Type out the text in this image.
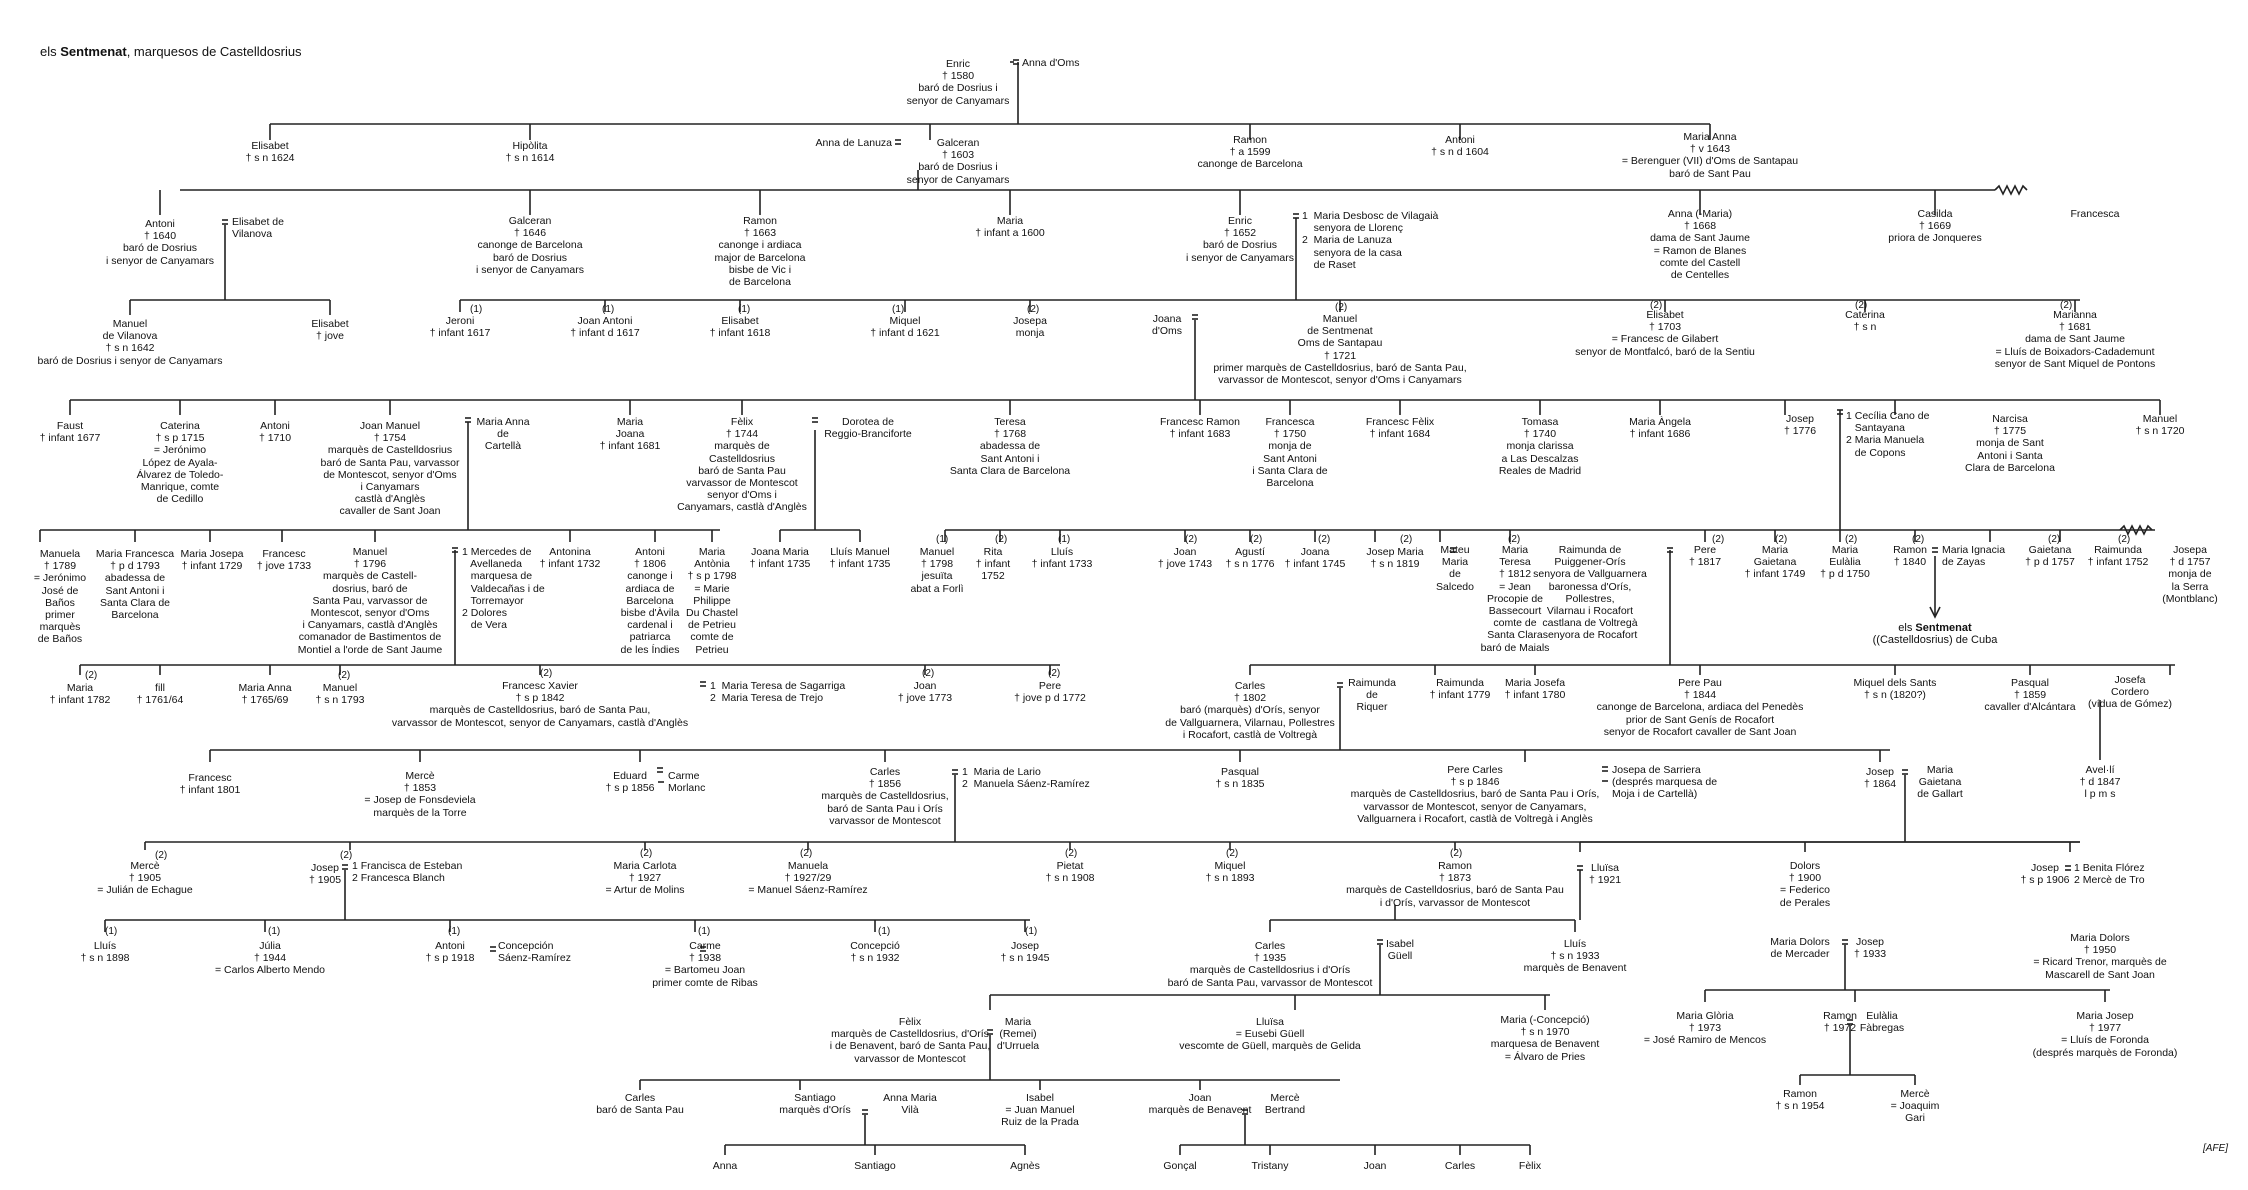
els Sentmenat, marquesos de Castelldosrius
Enric
† 1580
baró de Dosrius i
senyor de Canyamars
Anna d'Oms
Elisabet
† s n 1624
Hipòlita
† s n 1614
Anna de Lanuza	Galceran
† 1603
baró de Dosrius i
senyor de Canyamars
Ramon
† a 1599
canonge de Barcelona
Antoni
† s n d 1604
Maria Anna
† v 1643
= Berenguer (VII) d'Oms de Santapau
baró de Sant Pau
Antoni
† 1640
baró de Dosrius
i senyor de Canyamars
Elisabet de
Vilanova
Galceran
† 1646
canonge de Barcelona
baró de Dosrius
i senyor de Canyamars
Ramon
† 1663
canonge i ardiaca
major de Barcelona
bisbe de Vic i
de Barcelona
Maria
† infant a 1600
Enric
† 1652
baró de Dosrius
i senyor de Canyamars
1  Maria Desbosc de Vilagaià
senyora de Llorenç
2  Maria de Lanuza
senyora de la casa
de Raset
Anna (-Maria)
† 1668
dama de Sant Jaume
= Ramon de Blanes
comte del Castell
de Centelles
Casilda
† 1669
priora de Jonqueres
Francesca
Manuel
de Vilanova
† s n 1642
baró de Dosrius i senyor de Canyamars
Elisabet
† jove
Jeroni
† infant 1617
Joan Antoni
† infant d 1617
Elisabet
† infant 1618
Miquel
† infant d 1621
Josepa
monja
Joana
d'Oms
Manuel
de Sentmenat
Oms de Santapau
† 1721
primer marquès de Castelldosrius, baró de Santa Pau,
varvassor de Montescot, senyor d'Oms i Canyamars
Elisabet
† 1703
= Francesc de Gilabert
senyor de Montfalcó, baró de la Sentiu
Caterina
† s n
Marianna
† 1681
dama de Sant Jaume
= Lluís de Boixadors-Cadademunt
senyor de Sant Miquel de Pontons
Faust
† infant 1677
Caterina
† s p 1715
= Jerónimo
López de Ayala-
Álvarez de Toledo-
Manrique, comte
de Cedillo
Antoni
† 1710
Joan Manuel
† 1754
marquès de Castelldosrius
baró de Santa Pau, varvassor
de Montescot, senyor d'Oms
i Canyamars
castlà d'Anglès
cavaller de Sant Joan
Maria Anna
de
Cartellà
Maria
Joana
† infant 1681
Fèlix
† 1744
marquès de
Castelldosrius
baró de Santa Pau
varvassor de Montescot
senyor d'Oms i
Canyamars, castlà d'Anglès
Dorotea de
Reggio-Branciforte
Teresa
† 1768
abadessa de
Sant Antoni i
Santa Clara de Barcelona
Francesc Ramon
† infant 1683
Francesca
† 1750
monja de
Sant Antoni
i Santa Clara de
Barcelona
Francesc Fèlix
† infant 1684
Tomasa
† 1740
monja clarissa
a Las Descalzas
Reales de Madrid
Maria Àngela
† infant 1686
Josep
† 1776
1 Cecília Cano de
Santayana
2 Maria Manuela
de Copons
Narcisa
† 1775
monja de Sant
Antoni i Santa
Clara de Barcelona
Manuel
† s n 1720
Manuela
† 1789
= Jerónimo
José de
Baños
primer
marquès
de Baños
Maria Francesca
† p d 1793
abadessa de
Sant Antoni i
Santa Clara de
Barcelona
Maria Josepa
† infant 1729
Francesc
† jove 1733
Manuel
† 1796
marquès de Castell-
dosrius, baró de
Santa Pau, varvassor de
Montescot, senyor d'Oms
i Canyamars, castlà d'Anglès
comanador de Bastimentos de
Montiel a l'orde de Sant Jaume
1 Mercedes de
Avellaneda
marquesa de
Valdecañas i de
Torremayor
2 Dolores
de Vera
Antonina
† infant 1732
Antoni
† 1806
canonge i
ardiaca de
Barcelona
bisbe d'Àvila
cardenal i
patriarca
de les Índies
Maria
Antònia
† s p 1798
= Marie
Philippe
Du Chastel
de Petrieu
comte de
Petrieu
Joana Maria
† infant 1735
Lluís Manuel
† infant 1735
Manuel
† 1798
jesuïta
abat a Forlì
Rita
† infant
1752
Lluís
† infant 1733
Joan
† jove 1743
Agustí
† s n 1776
Joana
† infant 1745
Josep Maria
† s n 1819
Mateu
Maria
de
Salcedo
Maria
Teresa
† 1812
= Jean
Procopie de
Bassecourt
comte de
Santa Clara
baró de Maials
Raimunda de
Puiggener-Orís
senyora de Vallguarnera
baronessa d'Orís,
Pollestres,
Vilarnau i Rocafort
castlana de Voltregà
senyora de Rocafort
Pere
† 1817
Maria
Gaietana
† infant 1749
Maria
Eulàlia
† p d 1750
Ramon
† 1840
Maria Ignacia
de Zayas
Gaietana
† p d 1757
Raimunda
† infant 1752
Josepa
† d 1757
monja de
la Serra
(Montblanc)
els Sentmenat
((Castelldosrius) de Cuba
Maria
† infant 1782
fill
† 1761/64
Maria Anna
† 1765/69
Manuel
† s n 1793
Francesc Xavier
† s p 1842
marquès de Castelldosrius, baró de Santa Pau,
varvassor de Montescot, senyor de Canyamars, castlà d'Anglès
1  Maria Teresa de Sagarriga
2  Maria Teresa de Trejo
Joan
† jove 1773
Pere
† jove p d 1772
Carles
† 1802
baró (marquès) d'Orís, senyor
de Vallguarnera, Vilarnau, Pollestres
i Rocafort, castlà de Voltregà
Raimunda
de
Riquer
Raimunda
† infant 1779
Maria Josefa
† infant 1780
Pere Pau
† 1844
canonge de Barcelona, ardiaca del Penedès
prior de Sant Genís de Rocafort
senyor de Rocafort cavaller de Sant Joan
Miquel dels Sants
† s n (1820?)
Pasqual
† 1859
cavaller d'Alcántara
Josefa
Cordero
(vídua de Gómez)
Francesc
† infant 1801
Mercè
† 1853
= Josep de Fonsdeviela
marquès de la Torre
Eduard
† s p 1856
Carme
Morlanc
Carles
† 1856
marquès de Castelldosrius,
baró de Santa Pau i Orís
varvassor de Montescot
1  Maria de Lario
2  Manuela Sáenz-Ramírez
Pasqual
† s n 1835
Pere Carles
† s p 1846
marquès de Castelldosrius, baró de Santa Pau i Orís,
varvassor de Montescot, senyor de Canyamars,
Vallguarnera i Rocafort, castlà de Voltregà i Anglès
Josepa de Sarriera
(després marquesa de
Moja i de Cartellà)
Josep
† 1864
Maria
Gaietana
de Gallart
Avel·lí
† d 1847
l p m s
Mercè
† 1905
= Julián de Echague
Josep
† 1905
1 Francisca de Esteban
2 Francesca Blanch
Maria Carlota
† 1927
= Artur de Molins
Manuela
† 1927/29
= Manuel Sáenz-Ramírez
Pietat
† s n 1908
Miquel
† s n 1893
Ramon
† 1873
marquès de Castelldosrius, baró de Santa Pau
i d'Orís, varvassor de Montescot
Lluïsa
† 1921
Dolors
† 1900
= Federico
de Perales
Josep
† s p 1906
1 Benita Flórez
2 Mercè de Tro
Lluís
† s n 1898
Júlia
† 1944
= Carlos Alberto Mendo
Antoni
† s p 1918
Concepción
Sáenz-Ramírez
Carme
† 1938
= Bartomeu Joan
primer comte de Ribas
Concepció
† s n 1932
Josep
† s n 1945
Carles
† 1935
marquès de Castelldosrius i d'Orís
baró de Santa Pau, varvassor de Montescot
Isabel
Güell
Lluís
† s n 1933
marquès de Benavent
Maria Dolors
de Mercader
Josep
† 1933
Maria Dolors
† 1950
= Ricard Trenor, marquès de
Mascarell de Sant Joan
Fèlix
marquès de Castelldosrius, d'Orís
i de Benavent, baró de Santa Pau,
varvassor de Montescot
Maria
(Remei)
d'Urruela
Lluïsa
= Eusebi Güell
vescomte de Güell, marquès de Gelida
Maria (-Concepció)
† s n 1970
marquesa de Benavent
= Álvaro de Pries
Maria Glòria
† 1973
= José Ramiro de Mencos
Ramon
† 1972
Eulàlia
Fàbregas
Maria Josep
† 1977
= Lluís de Foronda
(després marquès de Foronda)
Carles
baró de Santa Pau
Santiago
marquès d'Orís
Anna Maria
Vilà
Isabel
= Juan Manuel
Ruiz de la Prada
Joan
marquès de Benavent
Mercè
Bertrand
Ramon
† s n 1954
Mercè
= Joaquim
Gari
Anna	Santiago	Agnès	Gonçal	Tristany	Joan	Carles	Fèlix
(1)	(1)	(1)	(1)	(2)	(2)	(2)	(2)	(2)
(1)	(2)	(1)	(2)	(2)	(2)	(2)	(2)	(2)	(2)	(2)	(2)	(2)	(2)
(2)	(2)	(2)	(2)	(2)
(2)	(2)	(2)	(2)	(2)	(2)	(2)
(1)	(1)	(1)	(1)	(1)	(1)
[AFE]
